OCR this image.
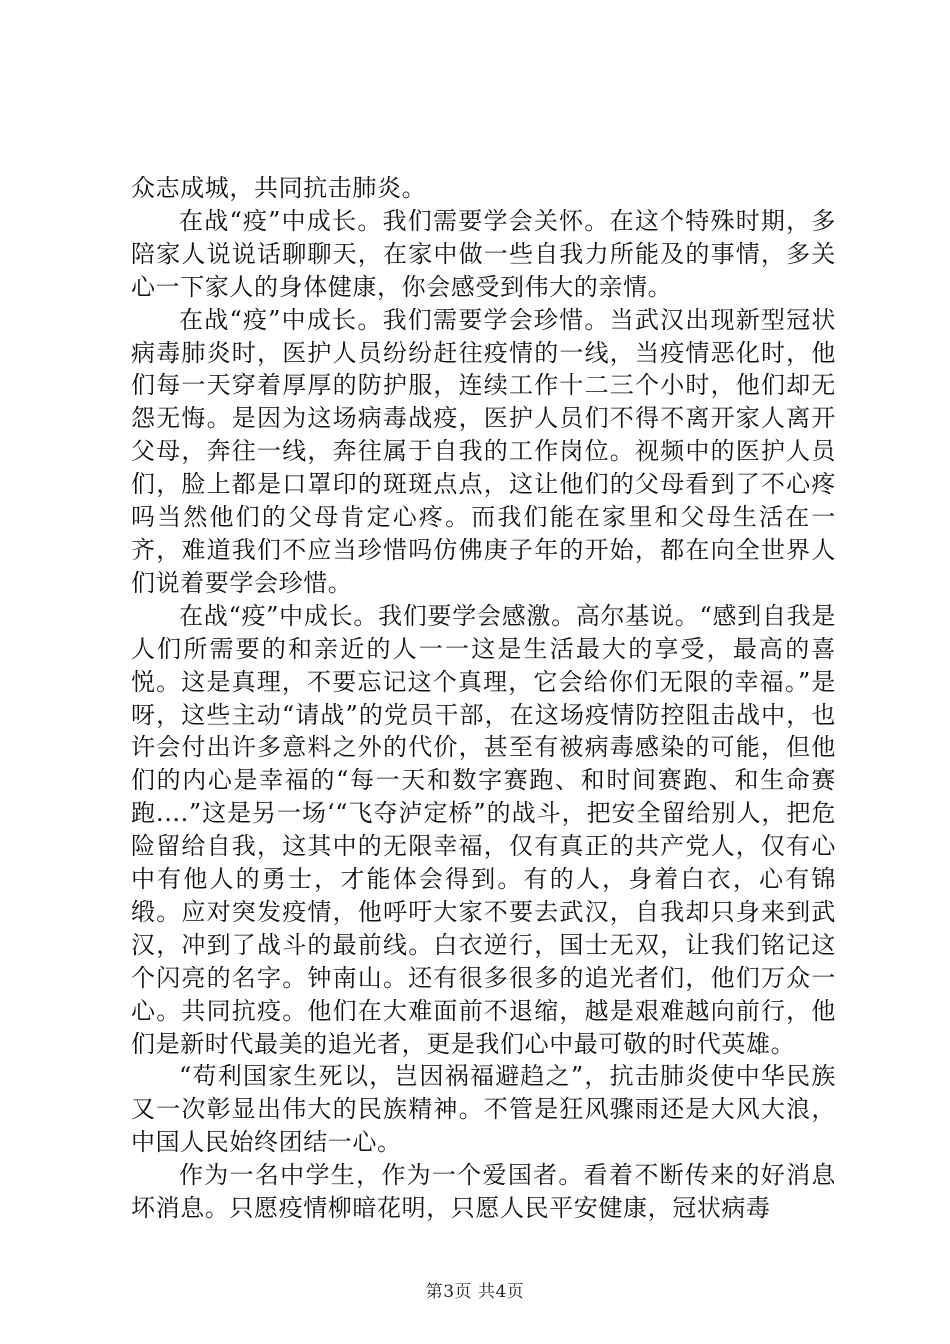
众志成城，共同抗击肺炎。

在战“疫”中成长。我们需要学会关怀。在这个特殊时期，多陪家人说说话聊聊天，在家中做一些自我力所能及的事情，多关心一下家人的身体健康，你会感受到伟大的亲情。

在战“疫”中成长。我们需要学会珍惜。当武汉出现新型冠状病毒肺炎时，医护人员纷纷赶往疫情的一线，当疫情恶化时，他们每一天穿着厚厚的防护服，连续工作十二三个小时，他们却无怨无悔。是因为这场病毒战疫，医护人员们不得不离开家人离开父母，奔往一线，奔往属于自我的工作岗位。视频中的医护人员们，脸上都是口罩印的斑斑点点，这让他们的父母看到了不心疼吗当然他们的父母肯定心疼。而我们能在家里和父母生活在一齐，难道我们不应当珍惜吗仿佛庚子年的开始，都在向全世界人们说着要学会珍惜。

在战“疫”中成长。我们要学会感激。高尔基说。“感到自我是人们所需要的和亲近的人一一这是生活最大的享受，最高的喜悦。这是真理，不要忘记这个真理，它会给你们无限的幸福。”是呀，这些主动“请战”的党员干部，在这场疫情防控阻击战中，也许会付出许多意料之外的代价，甚至有被病毒感染的可能，但他们的内心是幸福的“每一天和数字赛跑、和时间赛跑、和生命赛跑....”这是另一场‘“飞夺泸定桥”的战斗，把安全留给别人，把危险留给自我，这其中的无限幸福，仅有真正的共产党人，仅有心中有他人的勇士，才能体会得到。有的人，身着白衣，心有锦缎。应对突发疫情，他呼吁大家不要去武汉，自我却只身来到武汉，冲到了战斗的最前线。白衣逆行，国士无双，让我们铭记这个闪亮的名字。钟南山。还有很多很多的追光者们，他们万众一心。共同抗疫。他们在大难面前不退缩，越是艰难越向前行，他们是新时代最美的追光者，更是我们心中最可敬的时代英雄。

“苟利国家生死以，岂因祸福避趋之”，抗击肺炎使中华民族又一次彰显出伟大的民族精神。不管是狂风骤雨还是大风大浪，中国人民始终团结一心。

作为一名中学生，作为一个爱国者。看着不断传来的好消息坏消息。只愿疫情柳暗花明，只愿人民平安健康，冠状病毒

第3页 共4页
